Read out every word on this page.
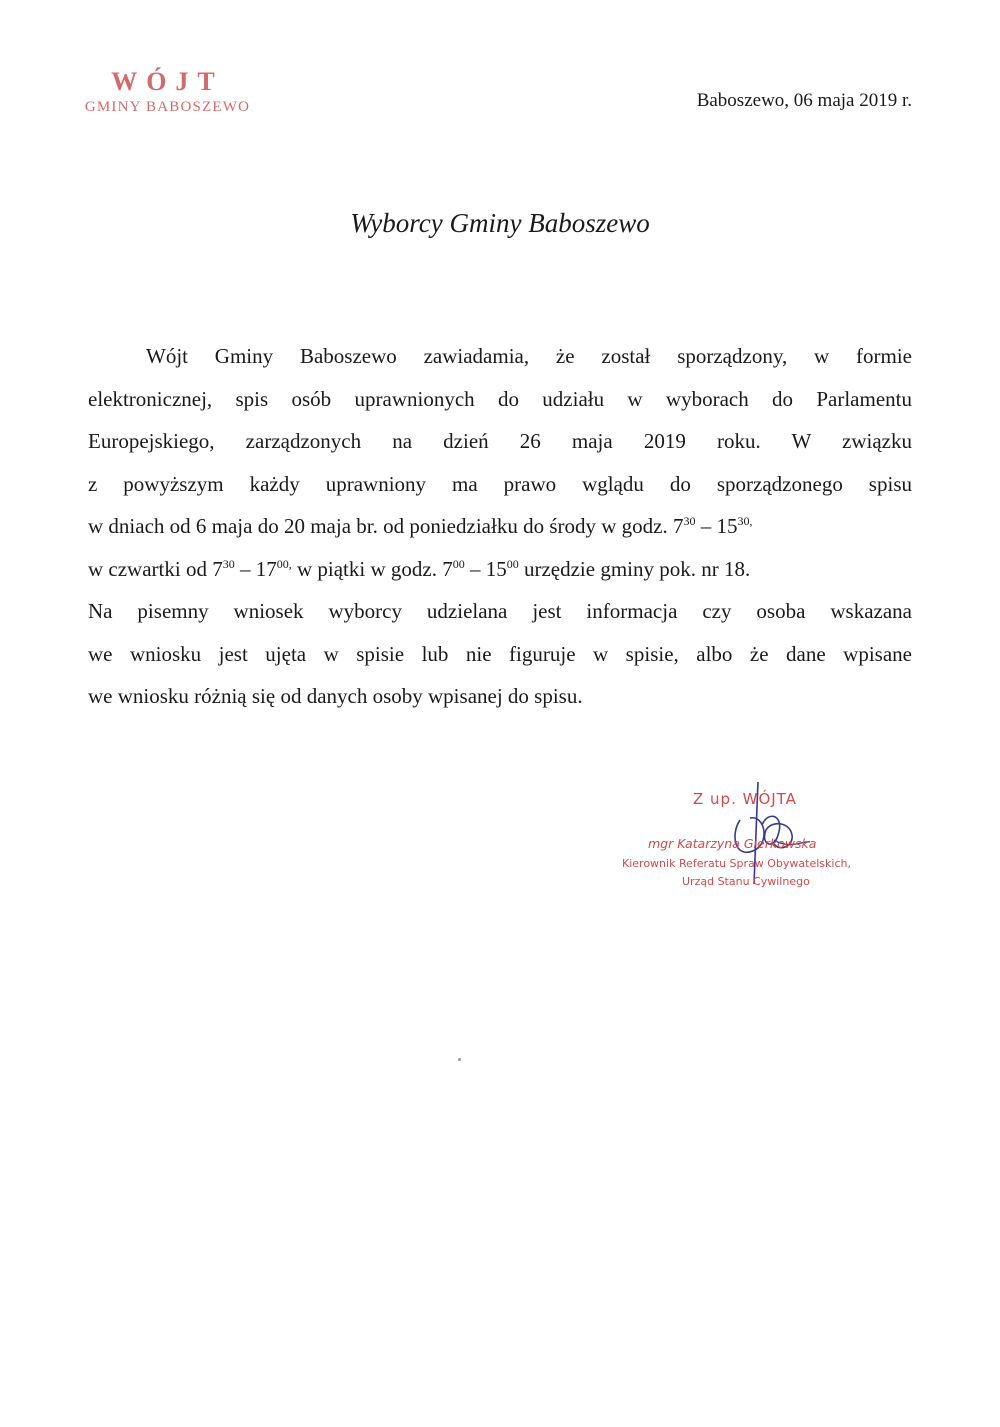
WÓJT
GMINY BABOSZEWO	Baboszewo, 06 maja 2019 r.
Wyborcy Gminy Baboszewo
Wójt Gminy Baboszewo zawiadamia, że został sporządzony, w formie
elektronicznej, spis osób uprawnionych do udziału w wyborach do Parlamentu
Europejskiego, zarządzonych na dzień 26 maja 2019 roku. W związku
z powyższym każdy uprawniony ma prawo wglądu do sporządzonego spisu
w dniach od 6 maja do 20 maja br. od poniedziałku do środy w godz. $7^{30} - 15^{30,}$
w czwartki od $7^{30} - 17^{00,}$ w piątki w godz. $7^{00} - 15^{00}$ urzędzie gminy pok. nr 18.
Na pisemny wniosek wyborcy udzielana jest informacja czy osoba wskazana
we wniosku jest ujęta w spisie lub nie figuruje w spisie, albo że dane wpisane
we wniosku różnią się od danych osoby wpisanej do spisu.
Z up. WÓJTA
mgr Katarzyna Gierkowska
Kierownik Referatu Spraw Obywatelskich,
Urząd Stanu Cywilnego
